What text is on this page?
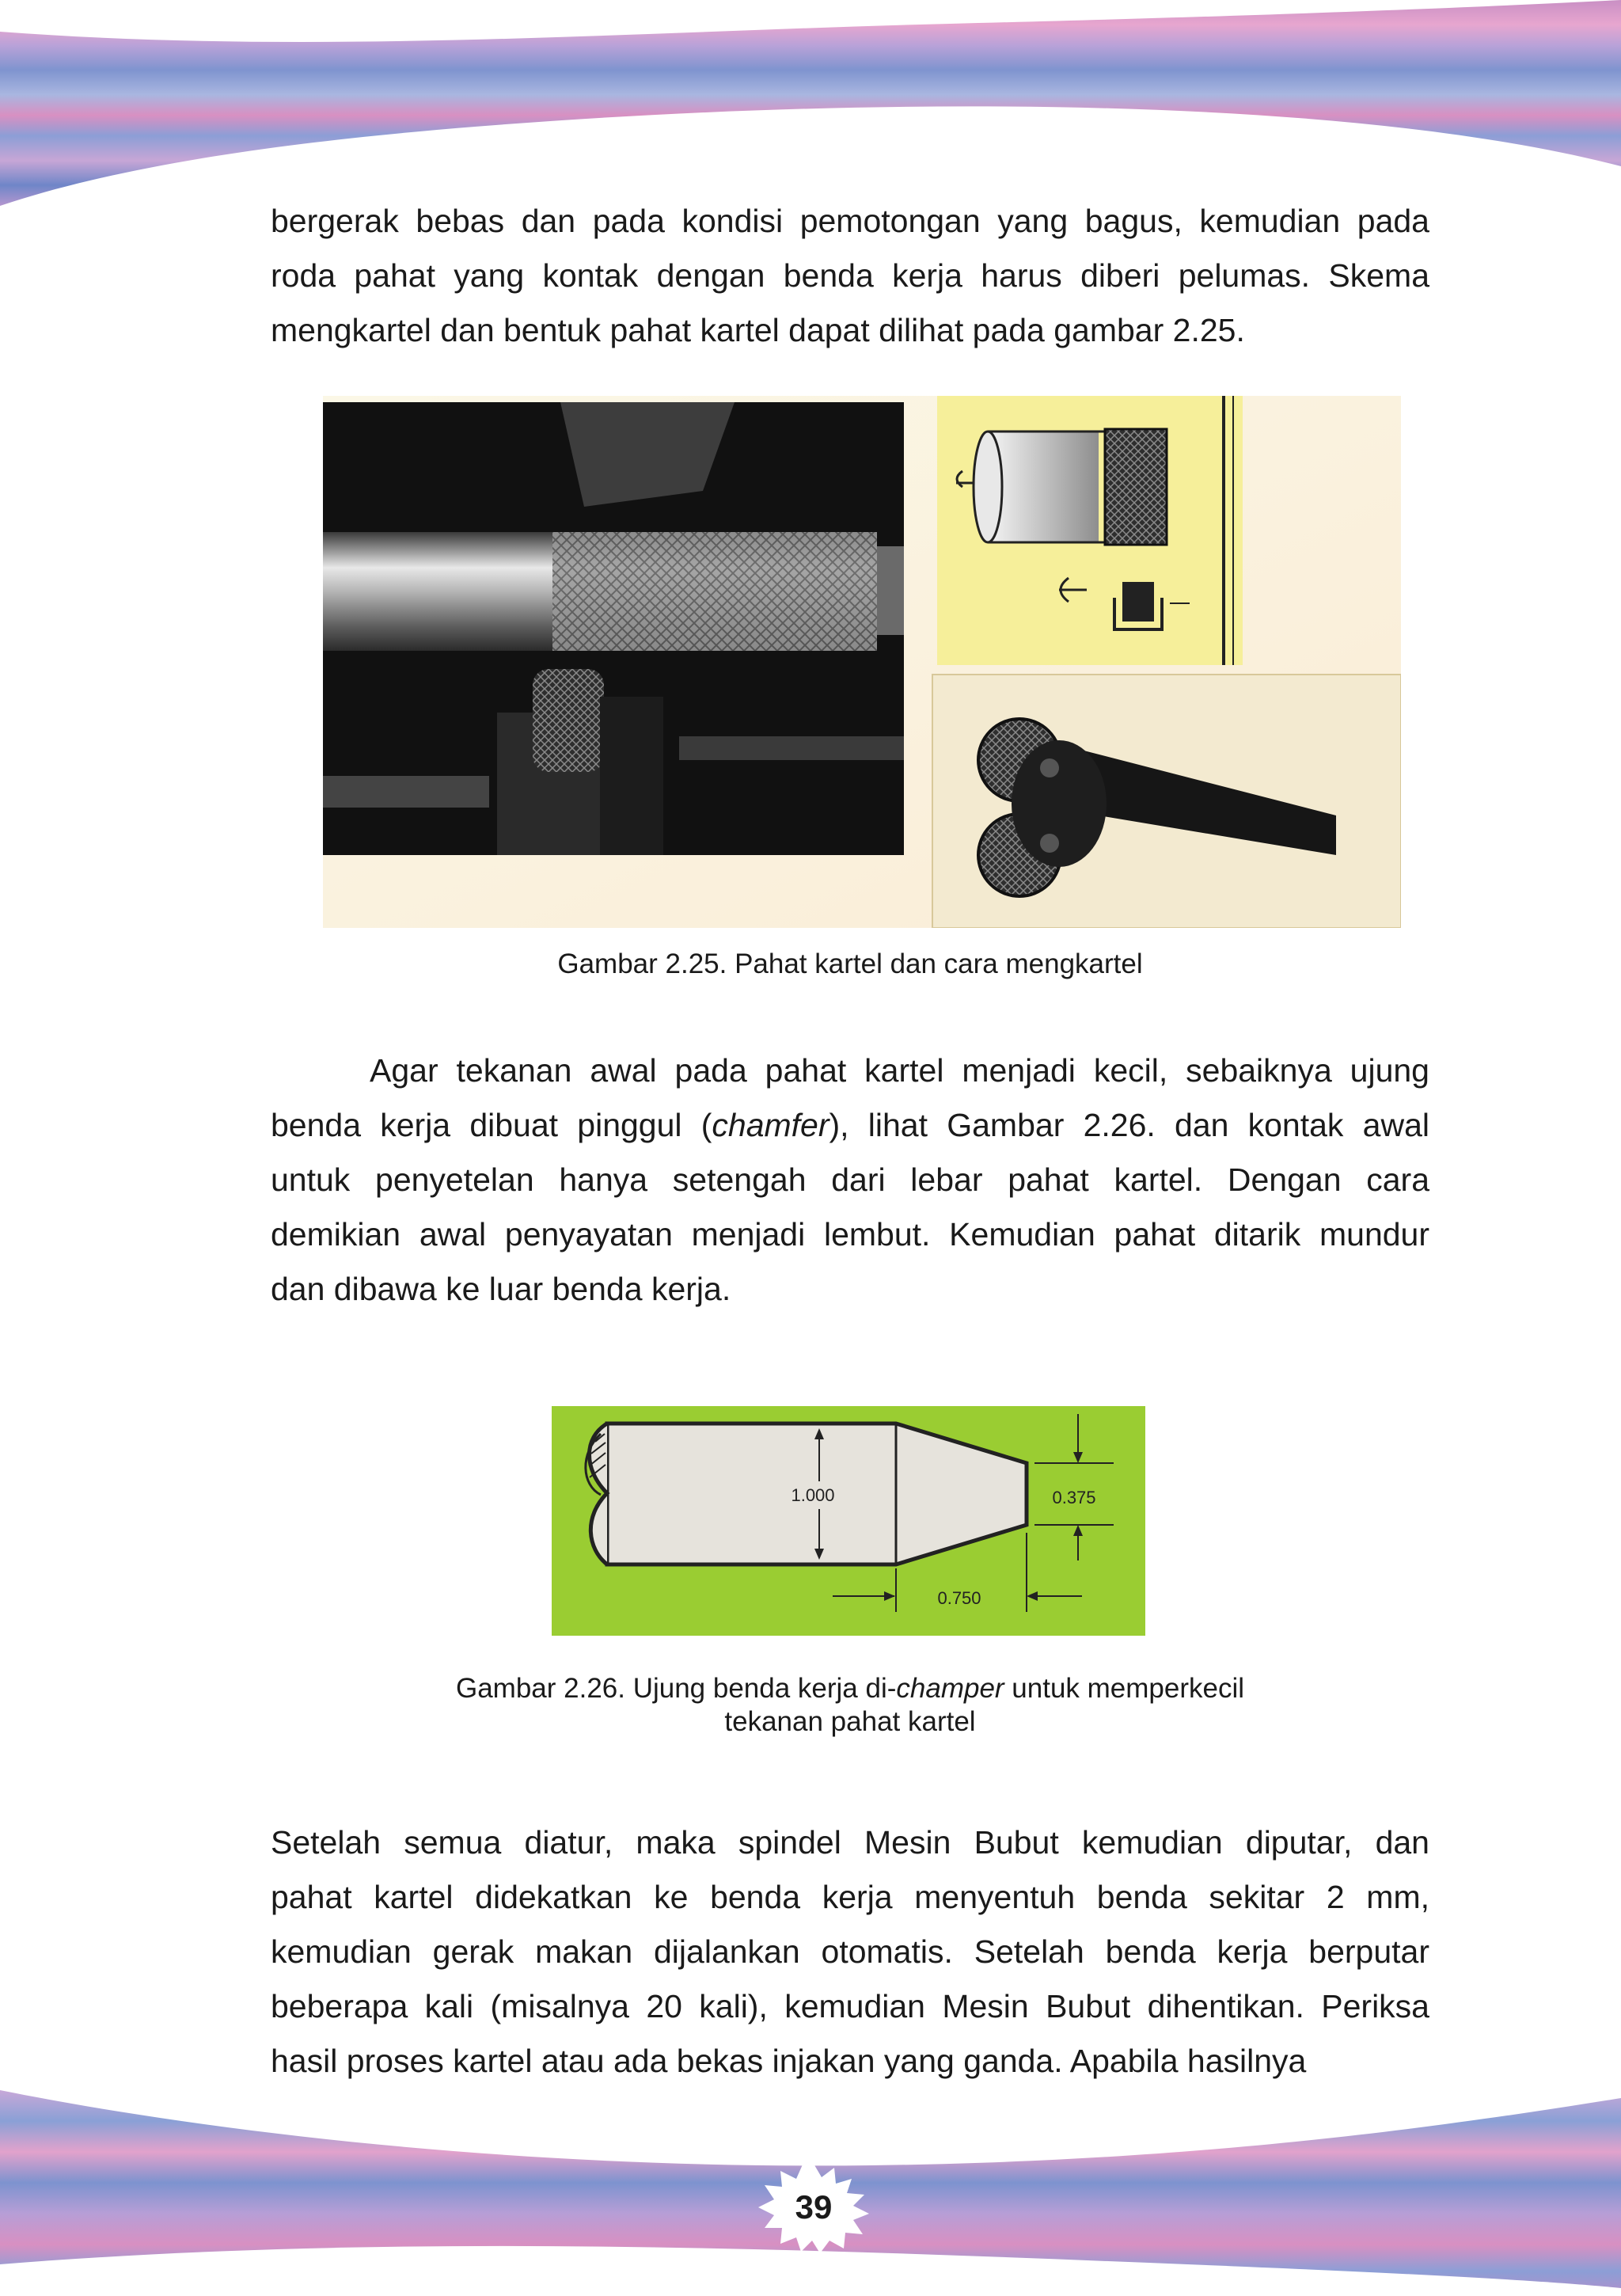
bergerak bebas dan pada kondisi pemotongan yang bagus, kemudian pada
roda pahat yang kontak dengan benda kerja harus diberi pelumas. Skema
mengkartel dan bentuk pahat kartel dapat dilihat pada gambar 2.25.

Gambar 2.25. Pahat kartel dan cara mengkartel

Agar tekanan awal pada pahat kartel menjadi kecil, sebaiknya ujung
benda kerja dibuat pinggul (chamfer), lihat Gambar 2.26. dan kontak awal
untuk penyetelan hanya setengah dari lebar pahat kartel. Dengan cara
demikian awal penyayatan menjadi lembut. Kemudian pahat ditarik mundur
dan dibawa ke luar benda kerja.

1.000	0.375
0.750
Gambar 2.26. Ujung benda kerja di-champer untuk memperkecil
tekanan pahat kartel

Setelah semua diatur, maka spindel Mesin Bubut kemudian diputar, dan
pahat kartel didekatkan ke benda kerja menyentuh benda sekitar 2 mm,
kemudian gerak makan dijalankan otomatis. Setelah benda kerja berputar
beberapa kali (misalnya 20 kali), kemudian Mesin Bubut dihentikan. Periksa
hasil proses kartel atau ada bekas injakan yang ganda. Apabila hasilnya

39
